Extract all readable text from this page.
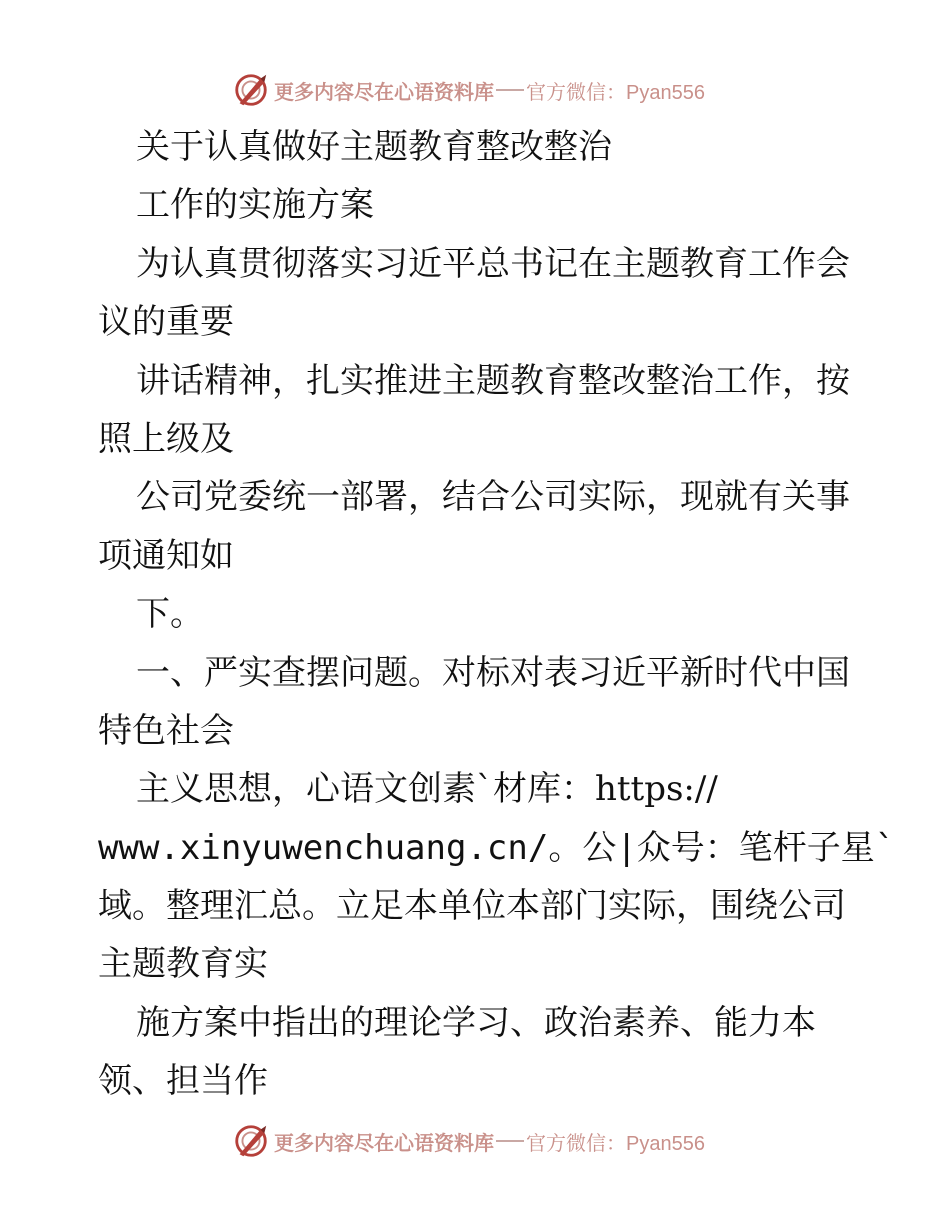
更多内容尽在心语资料库 官方微信：Pyan556
关于认真做好主题教育整改整治
工作的实施方案
为认真贯彻落实习近平总书记在主题教育工作会
议的重要
讲话精神，扎实推进主题教育整改整治工作，按
照上级及
公司党委统一部署，结合公司实际，现就有关事
项通知如
下。
一、严实查摆问题。对标对表习近平新时代中国
特色社会
主义思想，心语文创素`材库：https://
www.xinyuwenchuang.cn/。公|众号：笔杆子星`
域。整理汇总。立足本单位本部门实际，围绕公司
主题教育实
施方案中指出的理论学习、政治素养、能力本
领、担当作
更多内容尽在心语资料库 官方微信：Pyan556
